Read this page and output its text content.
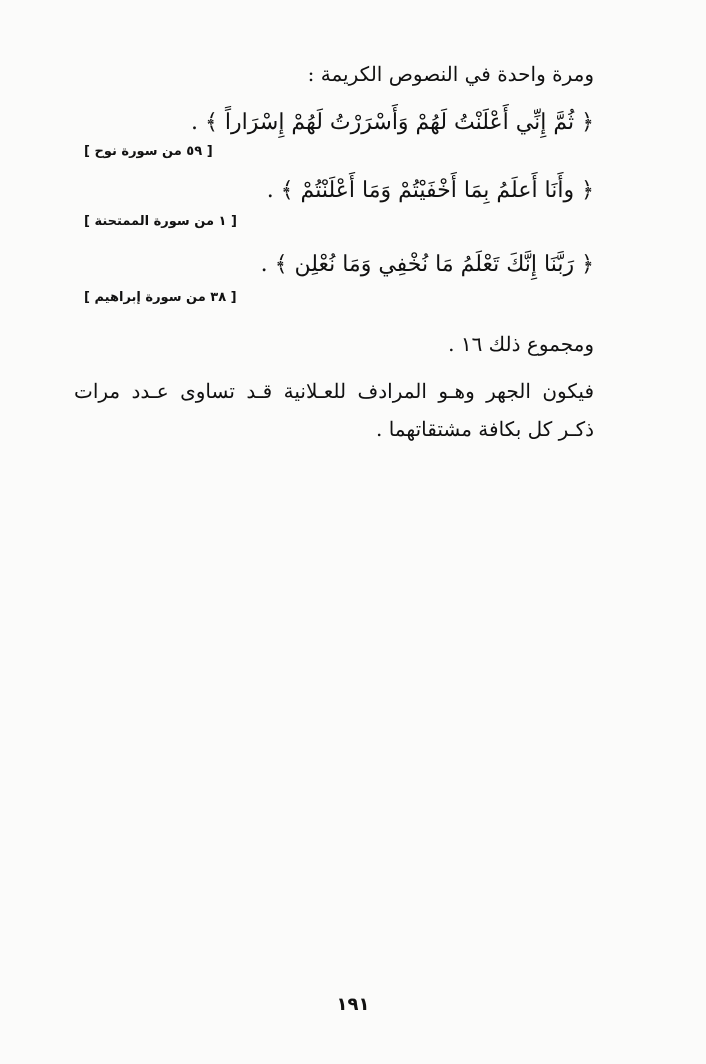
ومرة واحدة في النصوص الكريمة :
﴿ ثُمَّ إِنِّي أَعْلَنْتُ لَهُمْ وَأَسْرَرْتُ لَهُمْ إِسْرَاراً ﴾ .
[ ٥٩ من سورة نوح ]
﴿ وأَنَا أَعلَمُ بِمَا أَخْفَيْتُمْ وَمَا أَعْلَنْتُمْ ﴾ .
[ ١ من سورة الممتحنة ]
﴿ رَبَّنَا إِنَّكَ تَعْلَمُ مَا نُخْفِي وَمَا نُعْلِن ﴾ .
[ ٣٨ من سورة إبراهيم ]
ومجموع ذلك ١٦ .
فيكون الجهر وهـو المرادف للعـلانية قـد تساوى عـدد مرات ذكـر كل بكافة مشتقاتهما .
١٩١
